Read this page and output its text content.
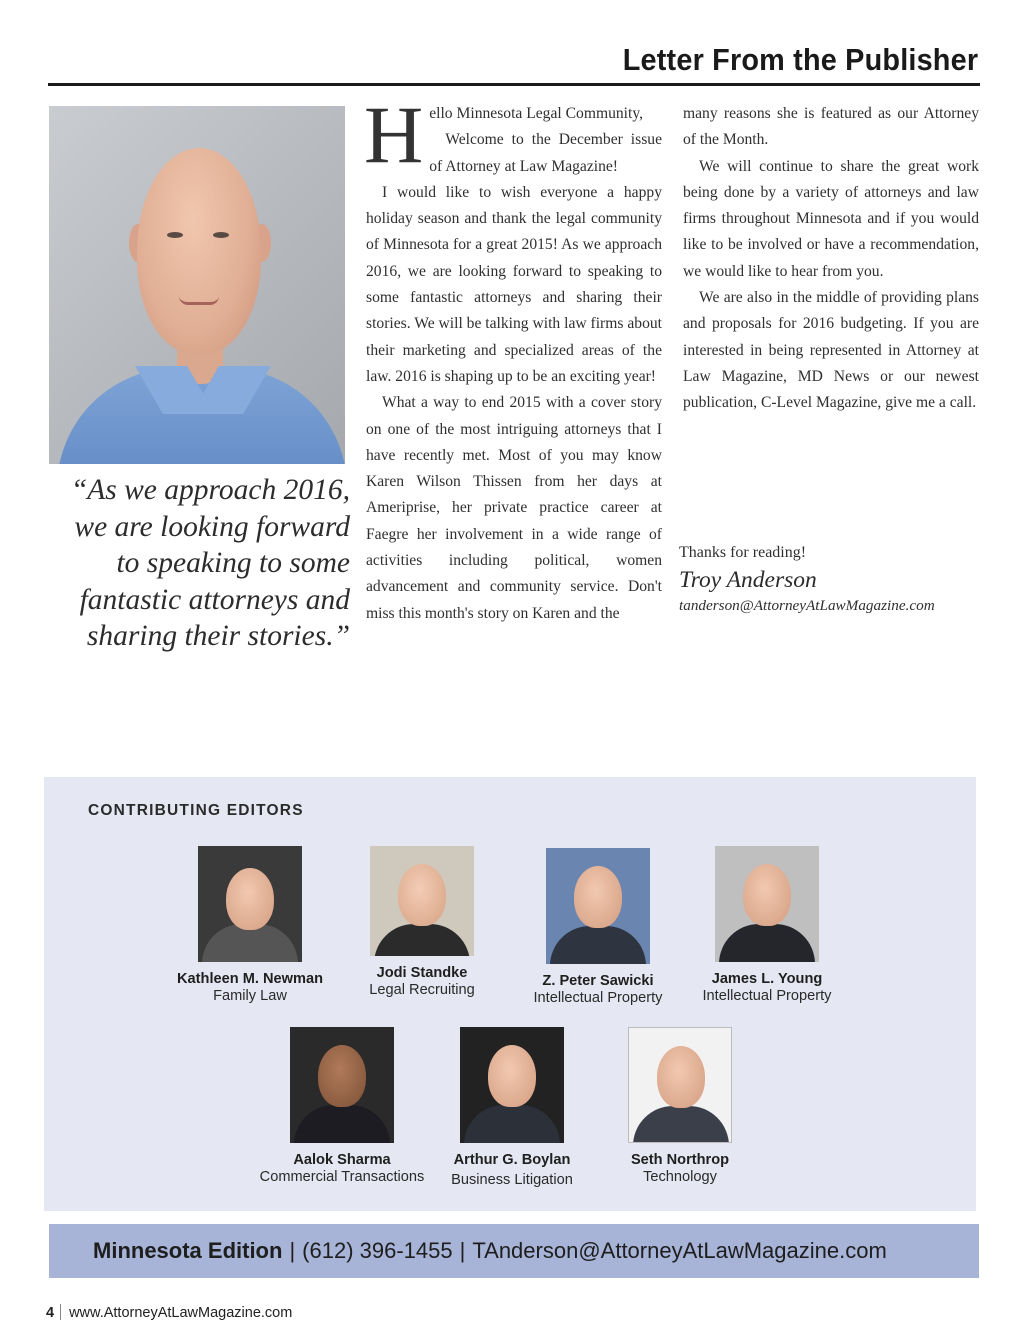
Letter From the Publisher
“As we approach 2016, we are looking forward to speaking to some fantastic attorneys and sharing their stories.”
H ello Minnesota Legal Community,

Welcome to the December issue of Attorney at Law Magazine!

I would like to wish everyone a happy holiday season and thank the legal community of Minnesota for a great 2015! As we approach 2016, we are looking forward to speaking to some fantastic attorneys and sharing their stories. We will be talking with law firms about their marketing and specialized areas of the law. 2016 is shaping up to be an exciting year!

What a way to end 2015 with a cover story on one of the most intriguing attorneys that I have recently met. Most of you may know Karen Wilson Thissen from her days at Ameriprise, her private practice career at Faegre her involvement in a wide range of activities including political, women advancement and community service. Don't miss this month's story on Karen and the

many reasons she is featured as our Attorney of the Month.

We will continue to share the great work being done by a variety of attorneys and law firms throughout Minnesota and if you would like to be involved or have a recommendation, we would like to hear from you.

We are also in the middle of providing plans and proposals for 2016 budgeting. If you are interested in being represented in Attorney at Law Magazine, MD News or our newest publication, C-Level Magazine, give me a call.

Thanks for reading!
Troy Anderson
tanderson@AttorneyAtLawMagazine.com
CONTRIBUTING EDITORS
Kathleen M. Newman
Family Law
Jodi Standke
Legal Recruiting
Z. Peter Sawicki
Intellectual Property
James L. Young
Intellectual Property
Aalok Sharma
Commercial Transactions
Arthur G. Boylan
Business Litigation
Seth Northrop
Technology
Minnesota Edition | (612) 396-1455 | TAnderson@AttorneyAtLawMagazine.com
4 www.AttorneyAtLawMagazine.com
